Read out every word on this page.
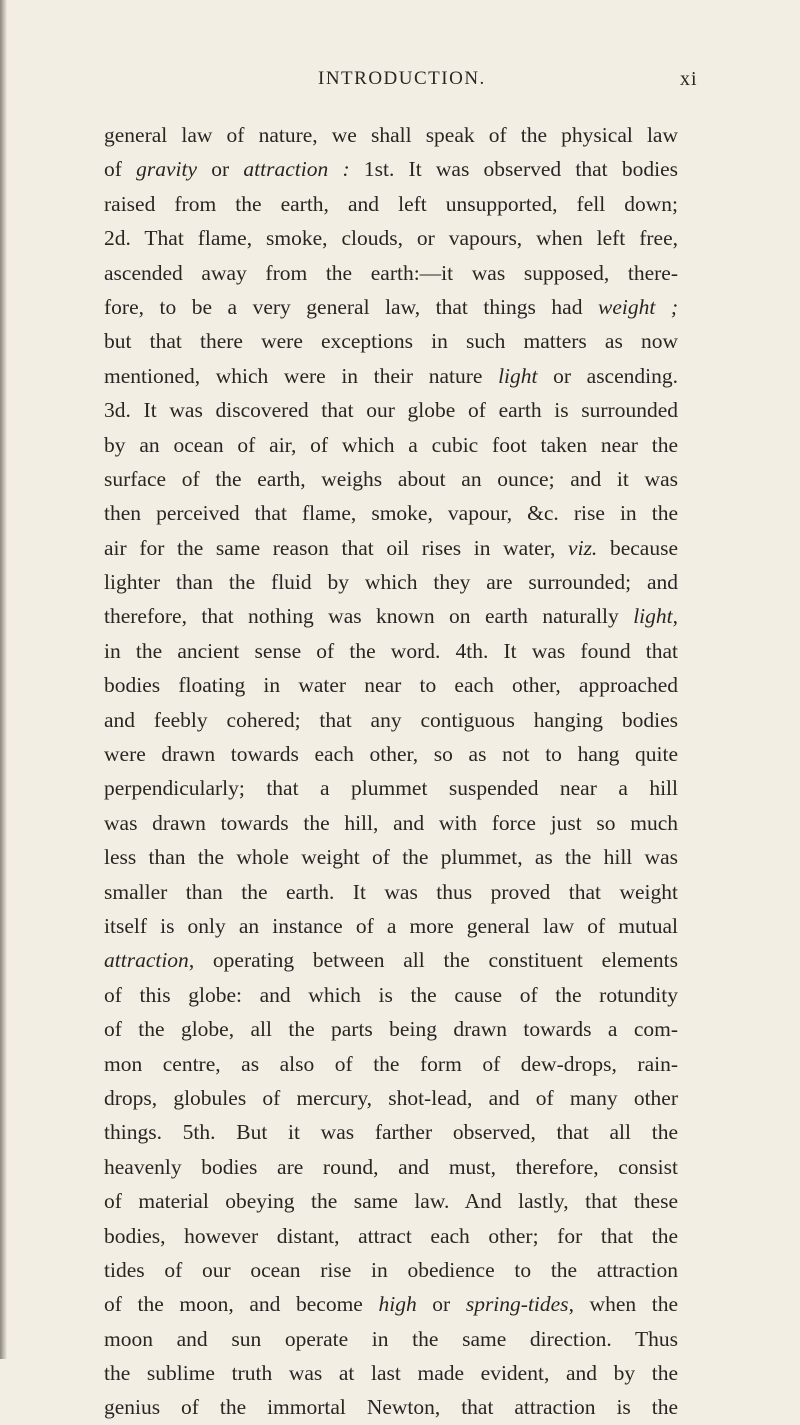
INTRODUCTION.	xi
general law of nature, we shall speak of the physical law
of gravity or attraction : 1st. It was observed that bodies
raised from the earth, and left unsupported, fell down;
2d. That flame, smoke, clouds, or vapours, when left free,
ascended away from the earth:—it was supposed, there-
fore, to be a very general law, that things had weight ;
but that there were exceptions in such matters as now
mentioned, which were in their nature light or ascending.
3d. It was discovered that our globe of earth is surrounded
by an ocean of air, of which a cubic foot taken near the
surface of the earth, weighs about an ounce; and it was
then perceived that flame, smoke, vapour, &c. rise in the
air for the same reason that oil rises in water, viz. because
lighter than the fluid by which they are surrounded; and
therefore, that nothing was known on earth naturally light,
in the ancient sense of the word. 4th. It was found that
bodies floating in water near to each other, approached
and feebly cohered; that any contiguous hanging bodies
were drawn towards each other, so as not to hang quite
perpendicularly; that a plummet suspended near a hill
was drawn towards the hill, and with force just so much
less than the whole weight of the plummet, as the hill was
smaller than the earth. It was thus proved that weight
itself is only an instance of a more general law of mutual
attraction, operating between all the constituent elements
of this globe: and which is the cause of the rotundity
of the globe, all the parts being drawn towards a com-
mon centre, as also of the form of dew-drops, rain-
drops, globules of mercury, shot-lead, and of many other
things. 5th. But it was farther observed, that all the
heavenly bodies are round, and must, therefore, consist
of material obeying the same law. And lastly, that these
bodies, however distant, attract each other; for that the
tides of our ocean rise in obedience to the attraction
of the moon, and become high or spring-tides, when the
moon and sun operate in the same direction. Thus
the sublime truth was at last made evident, and by the
genius of the immortal Newton, that attraction is the
